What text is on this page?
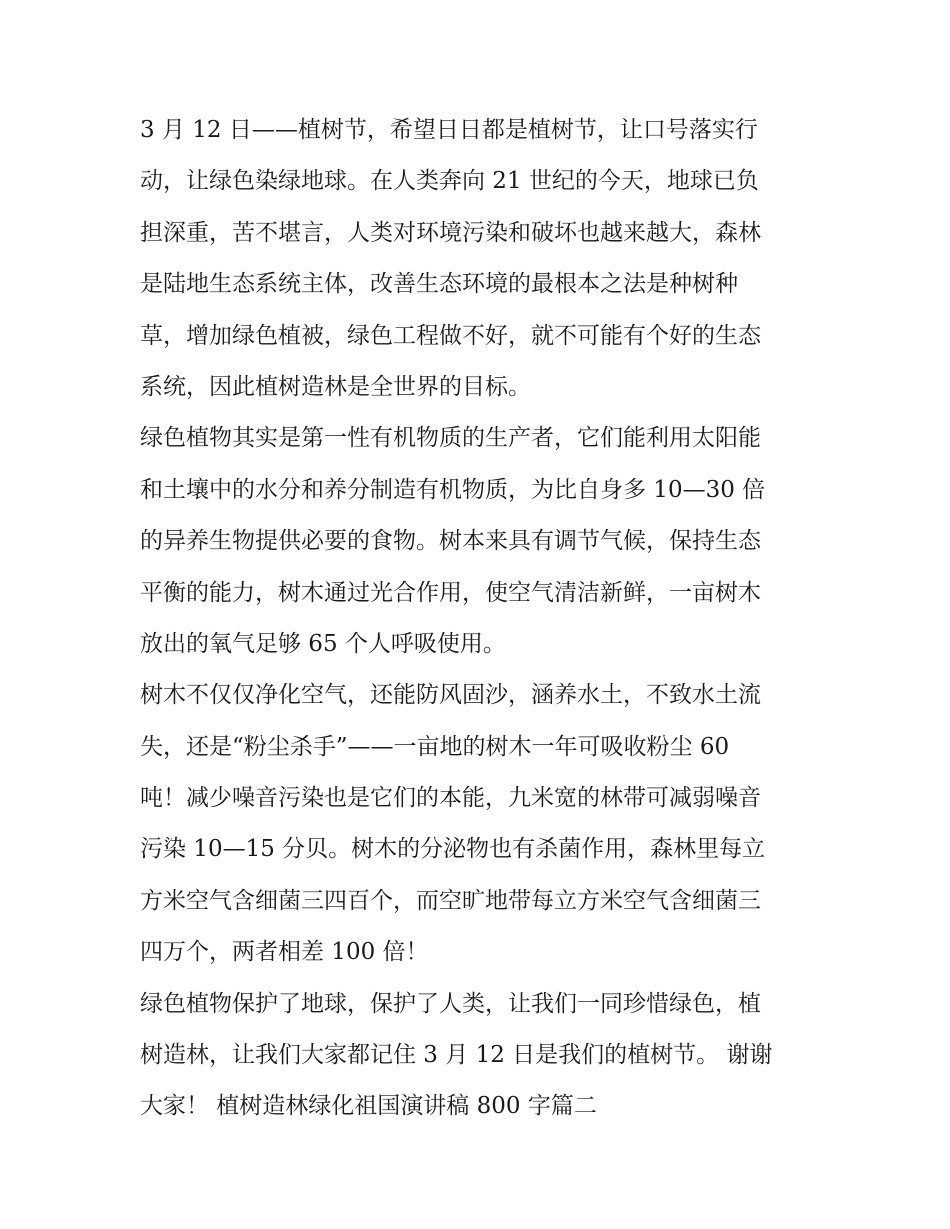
3 月 12 日——植树节，希望日日都是植树节，让口号落实行
动，让绿色染绿地球。在人类奔向 21 世纪的今天，地球已负
担深重，苦不堪言，人类对环境污染和破坏也越来越大，森林
是陆地生态系统主体，改善生态环境的最根本之法是种树种
草，增加绿色植被，绿色工程做不好，就不可能有个好的生态
系统，因此植树造林是全世界的目标。
绿色植物其实是第一性有机物质的生产者，它们能利用太阳能
和土壤中的水分和养分制造有机物质，为比自身多 10—30 倍
的异养生物提供必要的食物。树本来具有调节气候，保持生态
平衡的能力，树木通过光合作用，使空气清洁新鲜，一亩树木
放出的氧气足够 65 个人呼吸使用。
树木不仅仅净化空气，还能防风固沙，涵养水土，不致水土流
失，还是“粉尘杀手”——一亩地的树木一年可吸收粉尘 60
吨！减少噪音污染也是它们的本能，九米宽的林带可减弱噪音
污染 10—15 分贝。树木的分泌物也有杀菌作用，森林里每立
方米空气含细菌三四百个，而空旷地带每立方米空气含细菌三
四万个，两者相差 100 倍！
绿色植物保护了地球，保护了人类，让我们一同珍惜绿色，植
树造林，让我们大家都记住 3 月 12 日是我们的植树节。 谢谢
大家！ 植树造林绿化祖国演讲稿 800 字篇二
